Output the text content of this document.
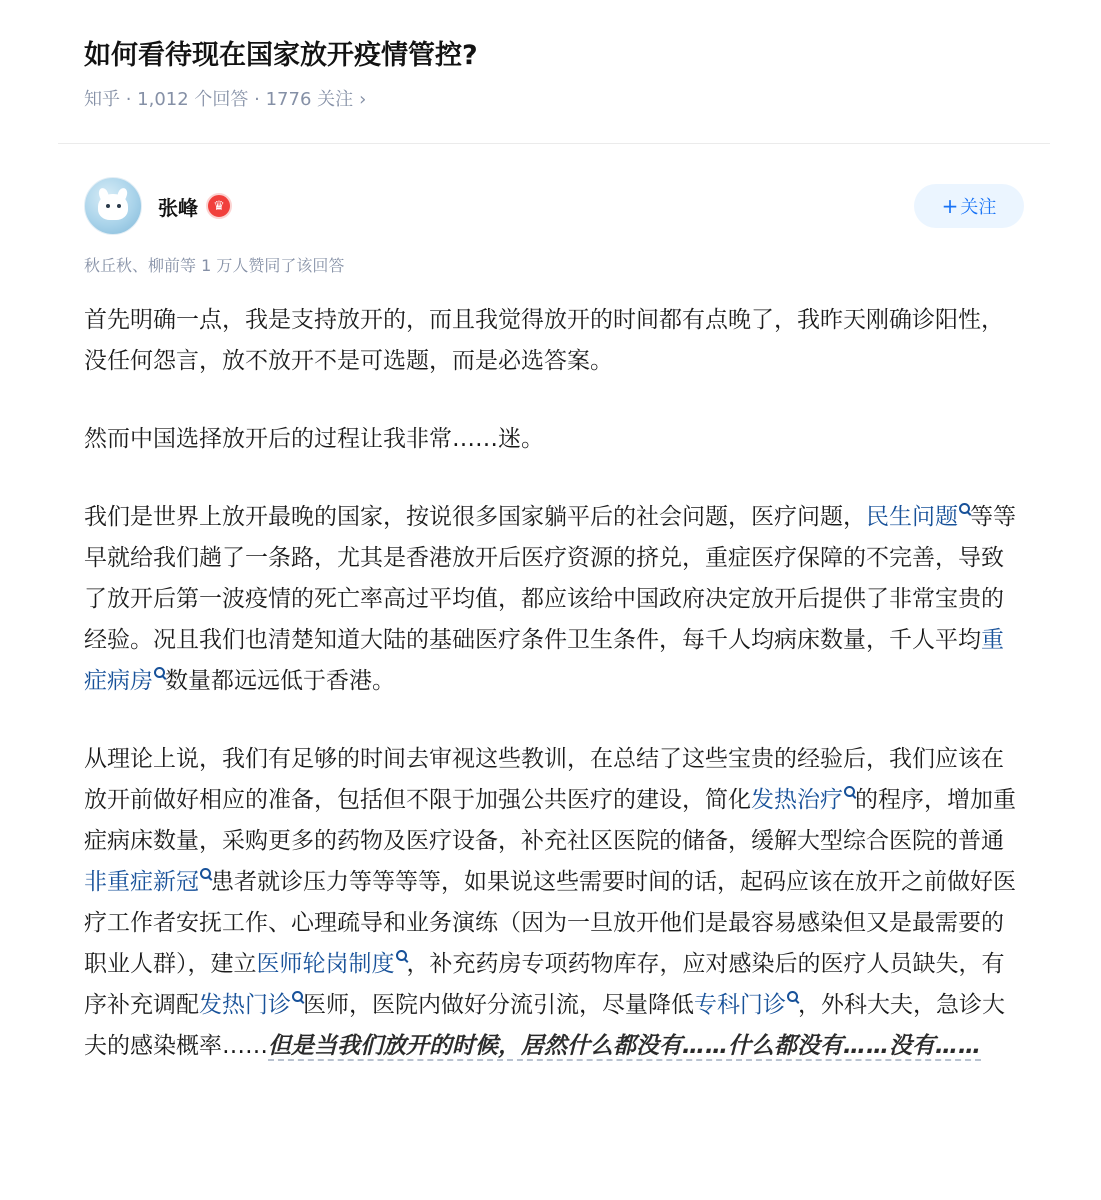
如何看待现在国家放开疫情管控?
知乎 · 1,012 个回答 · 1776 关注 ›
张峰	♛	+ 关注
秋丘秋、柳前等 1 万人赞同了该回答

首先明确一点，我是支持放开的，而且我觉得放开的时间都有点晚了，我昨天刚确诊阳性，没任何怨言，放不放开不是可选题，而是必选答案。

然而中国选择放开后的过程让我非常……迷。

我们是世界上放开最晚的国家，按说很多国家躺平后的社会问题，医疗问题，民生问题 等等早就给我们趟了一条路，尤其是香港放开后医疗资源的挤兑，重症医疗保障的不完善，导致了放开后第一波疫情的死亡率高过平均值，都应该给中国政府决定放开后提供了非常宝贵的经验。况且我们也清楚知道大陆的基础医疗条件卫生条件，每千人均病床数量，千人平均重症病房 数量都远远低于香港。

从理论上说，我们有足够的时间去审视这些教训，在总结了这些宝贵的经验后，我们应该在放开前做好相应的准备，包括但不限于加强公共医疗的建设，简化发热治疗 的程序，增加重症病床数量，采购更多的药物及医疗设备，补充社区医院的储备，缓解大型综合医院的普通非重症新冠 患者就诊压力等等等等，如果说这些需要时间的话，起码应该在放开之前做好医疗工作者安抚工作、心理疏导和业务演练（因为一旦放开他们是最容易感染但又是最需要的职业人群），建立医师轮岗制度 ，补充药房专项药物库存，应对感染后的医疗人员缺失，有序补充调配发热门诊 医师，医院内做好分流引流，尽量降低专科门诊 ，外科大夫，急诊大夫的感染概率……但是当我们放开的时候，居然什么都没有……什么都没有……没有……
